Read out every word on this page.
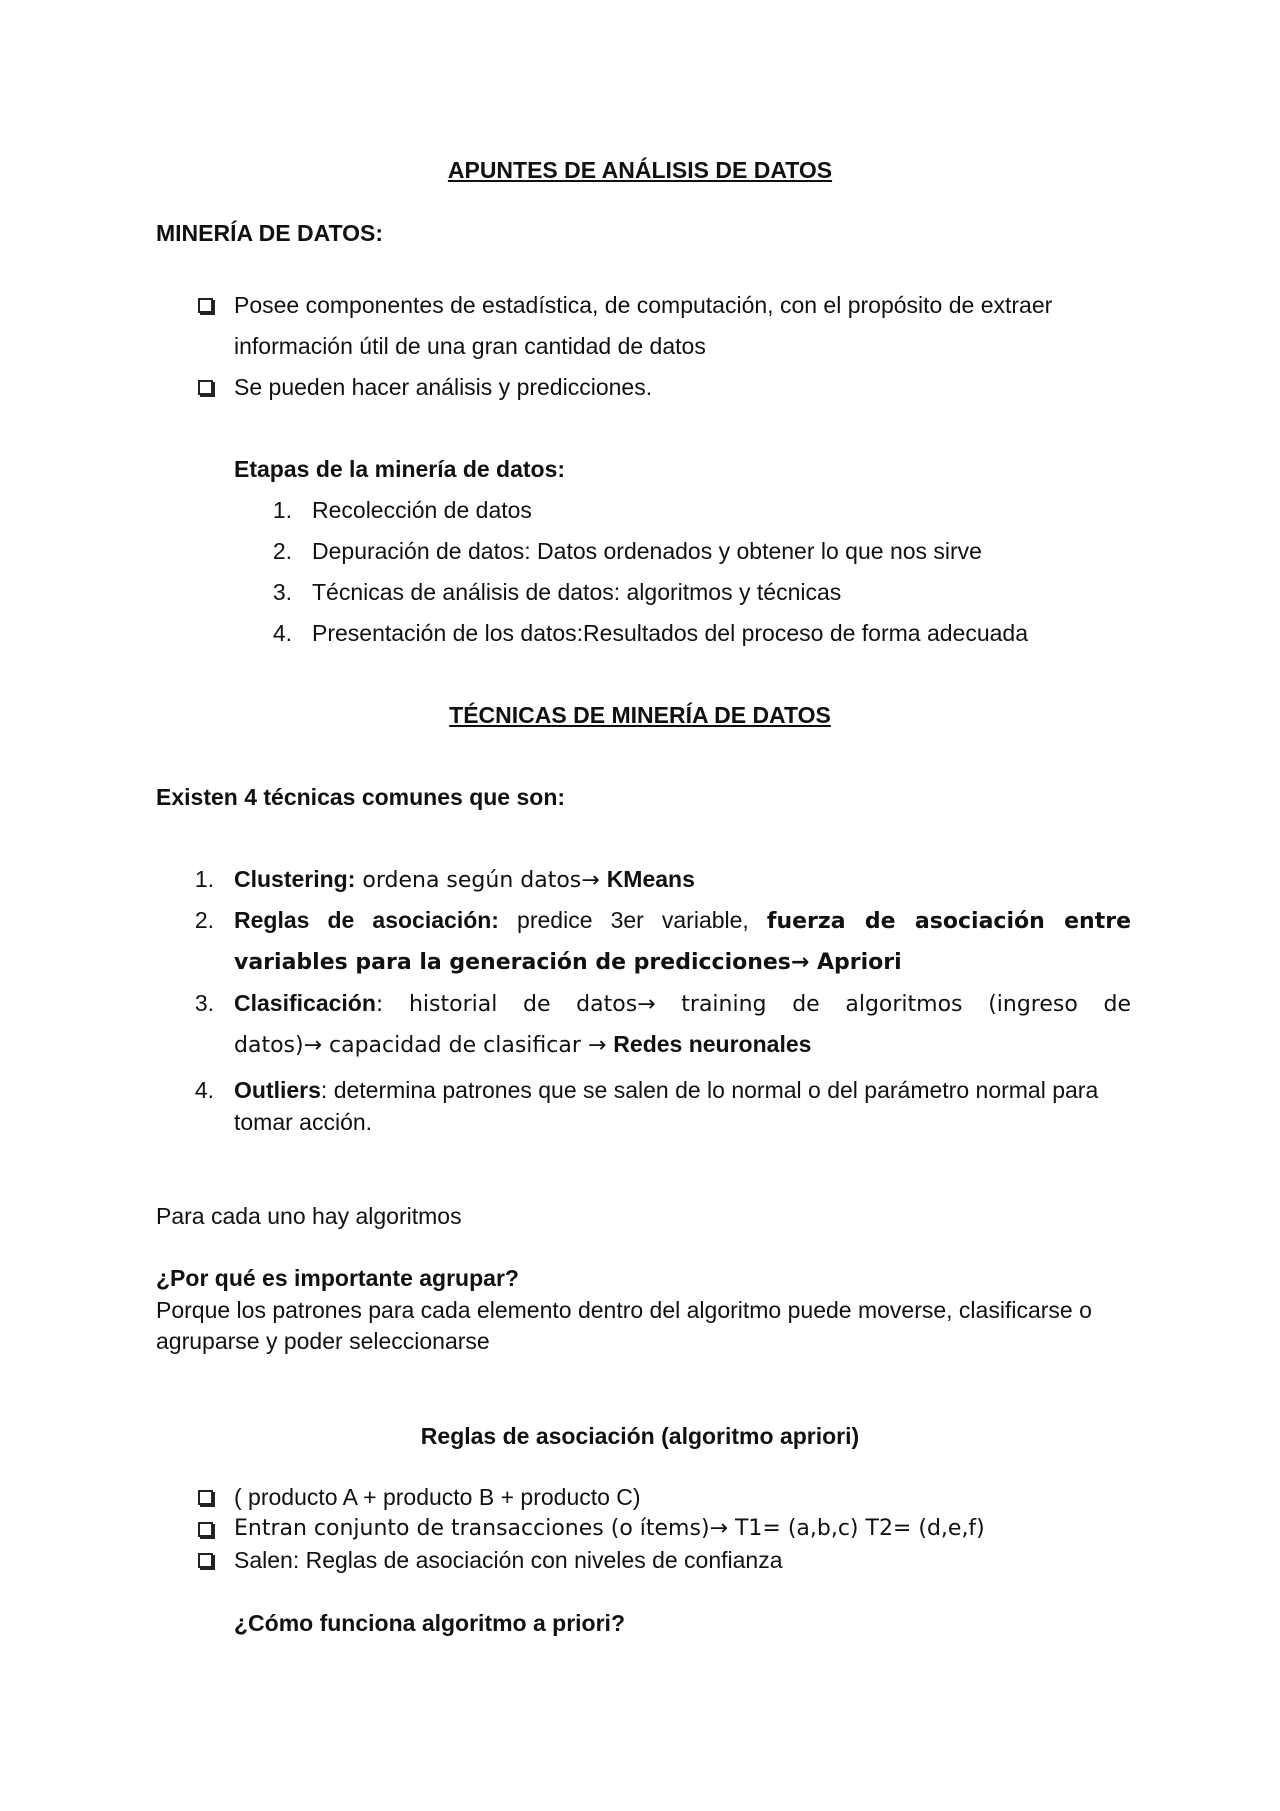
APUNTES DE ANÁLISIS DE DATOS
MINERÍA DE DATOS:
Posee componentes de estadística, de computación, con el propósito de extraer
información útil de una gran cantidad de datos
Se pueden hacer análisis y predicciones.
Etapas de la minería de datos:
1. Recolección de datos
2. Depuración de datos: Datos ordenados y obtener lo que nos sirve
3. Técnicas de análisis de datos: algoritmos y técnicas
4. Presentación de los datos:Resultados del proceso de forma adecuada
TÉCNICAS DE MINERÍA DE DATOS
Existen 4 técnicas comunes que son:
1. Clustering: ordena según datos→ KMeans
2. Reglas de asociación: predice 3er variable, fuerza de asociación entre
variables para la generación de predicciones→ Apriori
3. Clasificación: historial de datos→ training de algoritmos (ingreso de
datos)→ capacidad de clasificar → Redes neuronales
4. Outliers: determina patrones que se salen de lo normal o del parámetro normal para
tomar acción.
Para cada uno hay algoritmos
¿Por qué es importante agrupar?
Porque los patrones para cada elemento dentro del algoritmo puede moverse, clasificarse o
agruparse y poder seleccionarse
Reglas de asociación (algoritmo apriori)
( producto A + producto B + producto C)
Entran conjunto de transacciones (o ítems)→ T1= (a,b,c) T2= (d,e,f)
Salen: Reglas de asociación con niveles de confianza
¿Cómo funciona algoritmo a priori?
